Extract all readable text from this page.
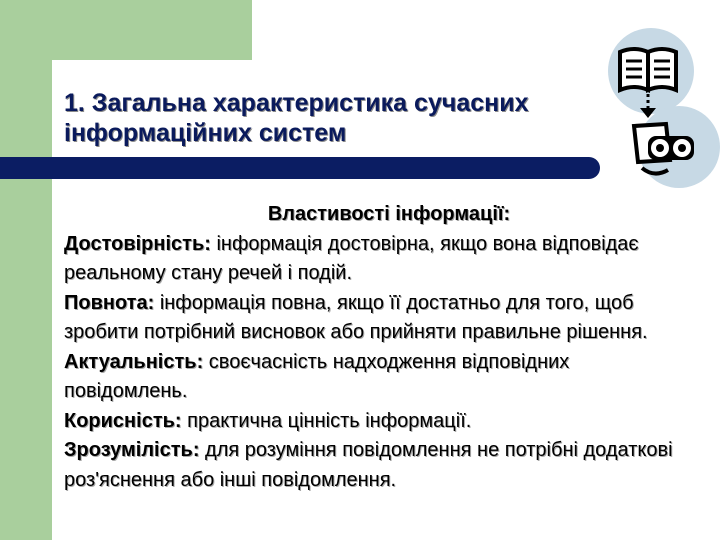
1. Загальна характеристика сучасних
інформаційних систем
Властивості інформації:

Достовірність: інформація достовірна, якщо вона відповідає реальному стану речей і подій.

Повнота: інформація повна, якщо її достатньо для того, щоб зробити потрібний висновок або прийняти правильне рішення.

Актуальність: своєчасність надходження відповідних повідомлень.

Корисність: практична цінність інформації.

Зрозумілість: для розуміння повідомлення не потрібні додаткові роз'яснення або інші повідомлення.
